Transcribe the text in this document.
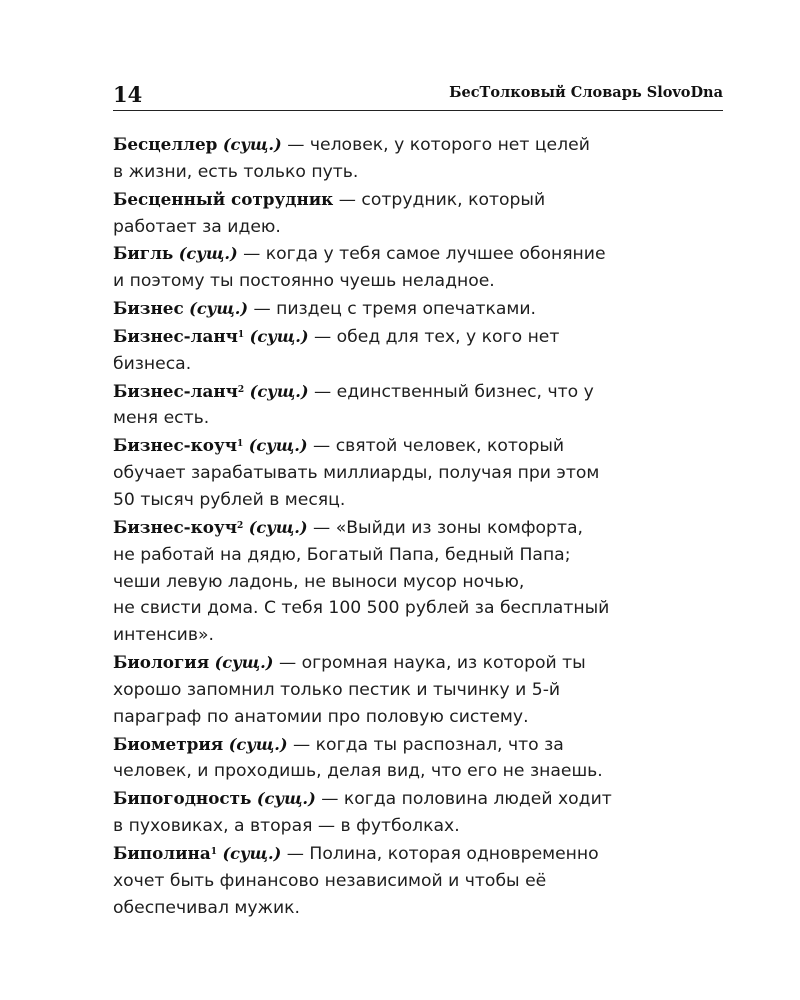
14	БесТолковый Словарь SlovoDna

Бесцеллер (сущ.) — человек, у которого нет целей
в жизни, есть только путь.

Бесценный сотрудник — сотрудник, который
работает за идею.

Бигль (сущ.) — когда у тебя самое лучшее обоняние
и поэтому ты постоянно чуешь неладное.

Бизнес (сущ.) — пиздец с тремя опечатками.

Бизнес-ланч$^1$ (сущ.) — обед для тех, у кого нет
бизнеса.

Бизнес-ланч$^2$ (сущ.) — единственный бизнес, что у
меня есть.

Бизнес-коуч$^1$ (сущ.) — святой человек, который
обучает зарабатывать миллиарды, получая при этом
50 тысяч рублей в месяц.

Бизнес-коуч$^2$ (сущ.) — «Выйди из зоны комфорта,
не работай на дядю, Богатый Папа, бедный Папа;
чеши левую ладонь, не выноси мусор ночью,
не свисти дома. С тебя 100 500 рублей за бесплатный
интенсив».

Биология (сущ.) — огромная наука, из которой ты
хорошо запомнил только пестик и тычинку и 5-й
параграф по анатомии про половую систему.

Биометрия (сущ.) — когда ты распознал, что за
человек, и проходишь, делая вид, что его не знаешь.

Бипогодность (сущ.) — когда половина людей ходит
в пуховиках, а вторая — в футболках.

Биполина$^1$ (сущ.) — Полина, которая одновременно
хочет быть финансово независимой и чтобы её
обеспечивал мужик.
